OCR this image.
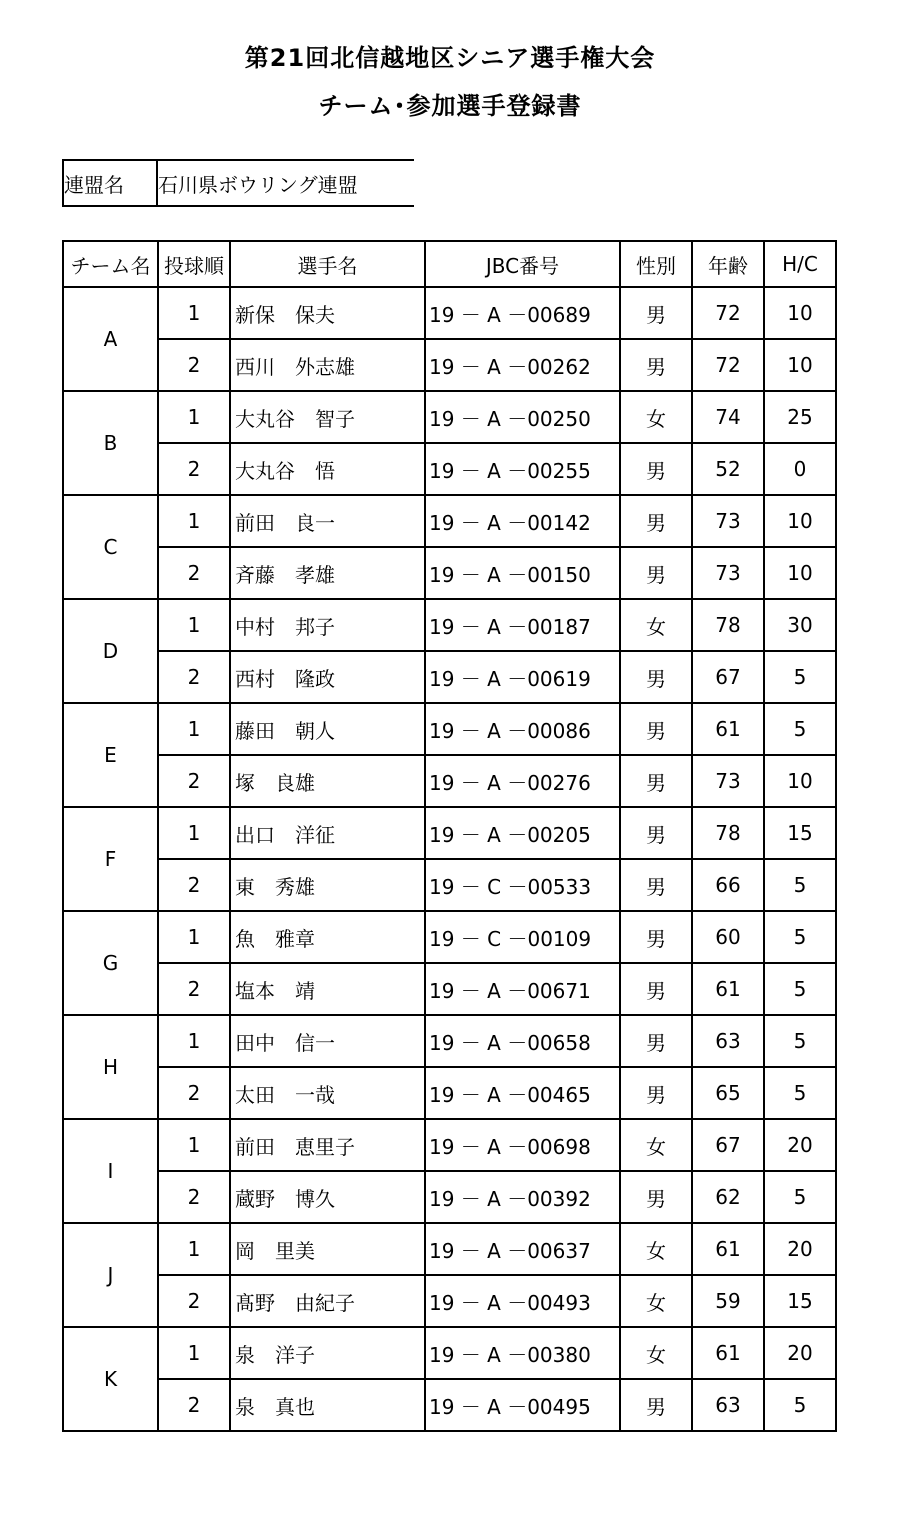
第21回北信越地区シニア選手権大会
チーム･参加選手登録書
連盟名	石川県ボウリング連盟
チーム名	投球順	選手名	JBC番号	性別	年齢	H/C
A	1	新保　保夫	19 － A －00689	男	72	10
	2	西川　外志雄	19 － A －00262	男	72	10
B	1	大丸谷　智子	19 － A －00250	女	74	25
	2	大丸谷　悟	19 － A －00255	男	52	0
C	1	前田　良一	19 － A －00142	男	73	10
	2	斉藤　孝雄	19 － A －00150	男	73	10
D	1	中村　邦子	19 － A －00187	女	78	30
	2	西村　隆政	19 － A －00619	男	67	5
E	1	藤田　朝人	19 － A －00086	男	61	5
	2	塚　良雄	19 － A －00276	男	73	10
F	1	出口　洋征	19 － A －00205	男	78	15
	2	東　秀雄	19 － C －00533	男	66	5
G	1	魚　雅章	19 － C －00109	男	60	5
	2	塩本　靖	19 － A －00671	男	61	5
H	1	田中　信一	19 － A －00658	男	63	5
	2	太田　一哉	19 － A －00465	男	65	5
I	1	前田　恵里子	19 － A －00698	女	67	20
	2	蔵野　博久	19 － A －00392	男	62	5
J	1	岡　里美	19 － A －00637	女	61	20
	2	髙野　由紀子	19 － A －00493	女	59	15
K	1	泉　洋子	19 － A －00380	女	61	20
	2	泉　真也	19 － A －00495	男	63	5
